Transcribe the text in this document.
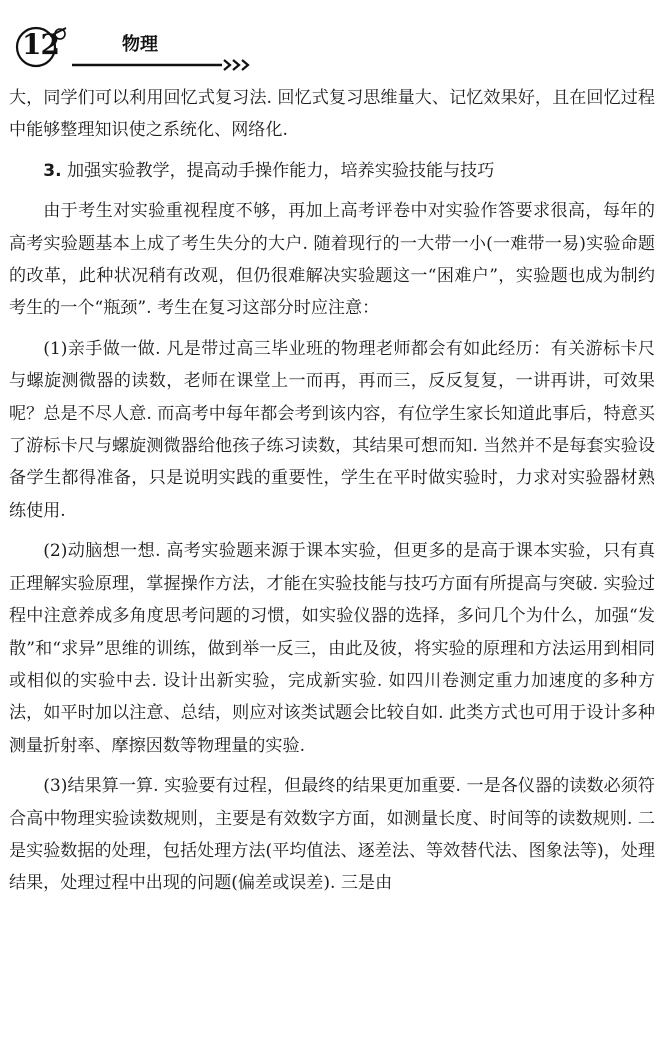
12	物理

大，同学们可以利用回忆式复习法. 回忆式复习思维量大、记忆效果好，且在回忆过程中能够整理知识使之系统化、网络化.

3. 加强实验教学，提高动手操作能力，培养实验技能与技巧

由于考生对实验重视程度不够，再加上高考评卷中对实验作答要求很高，每年的高考实验题基本上成了考生失分的大户. 随着现行的一大带一小(一难带一易)实验命题的改革，此种状况稍有改观，但仍很难解决实验题这一“困难户”，实验题也成为制约考生的一个“瓶颈”. 考生在复习这部分时应注意：

(1)亲手做一做. 凡是带过高三毕业班的物理老师都会有如此经历：有关游标卡尺与螺旋测微器的读数，老师在课堂上一而再，再而三，反反复复，一讲再讲，可效果呢？总是不尽人意. 而高考中每年都会考到该内容，有位学生家长知道此事后，特意买了游标卡尺与螺旋测微器给他孩子练习读数，其结果可想而知. 当然并不是每套实验设备学生都得准备，只是说明实践的重要性，学生在平时做实验时，力求对实验器材熟练使用.

(2)动脑想一想. 高考实验题来源于课本实验，但更多的是高于课本实验，只有真正理解实验原理，掌握操作方法，才能在实验技能与技巧方面有所提高与突破. 实验过程中注意养成多角度思考问题的习惯，如实验仪器的选择，多问几个为什么，加强“发散”和“求异”思维的训练，做到举一反三，由此及彼，将实验的原理和方法运用到相同或相似的实验中去. 设计出新实验，完成新实验. 如四川卷测定重力加速度的多种方法，如平时加以注意、总结，则应对该类试题会比较自如. 此类方式也可用于设计多种测量折射率、摩擦因数等物理量的实验.

(3)结果算一算. 实验要有过程，但最终的结果更加重要. 一是各仪器的读数必须符合高中物理实验读数规则，主要是有效数字方面，如测量长度、时间等的读数规则. 二是实验数据的处理，包括处理方法(平均值法、逐差法、等效替代法、图象法等)，处理结果，处理过程中出现的问题(偏差或误差). 三是由
